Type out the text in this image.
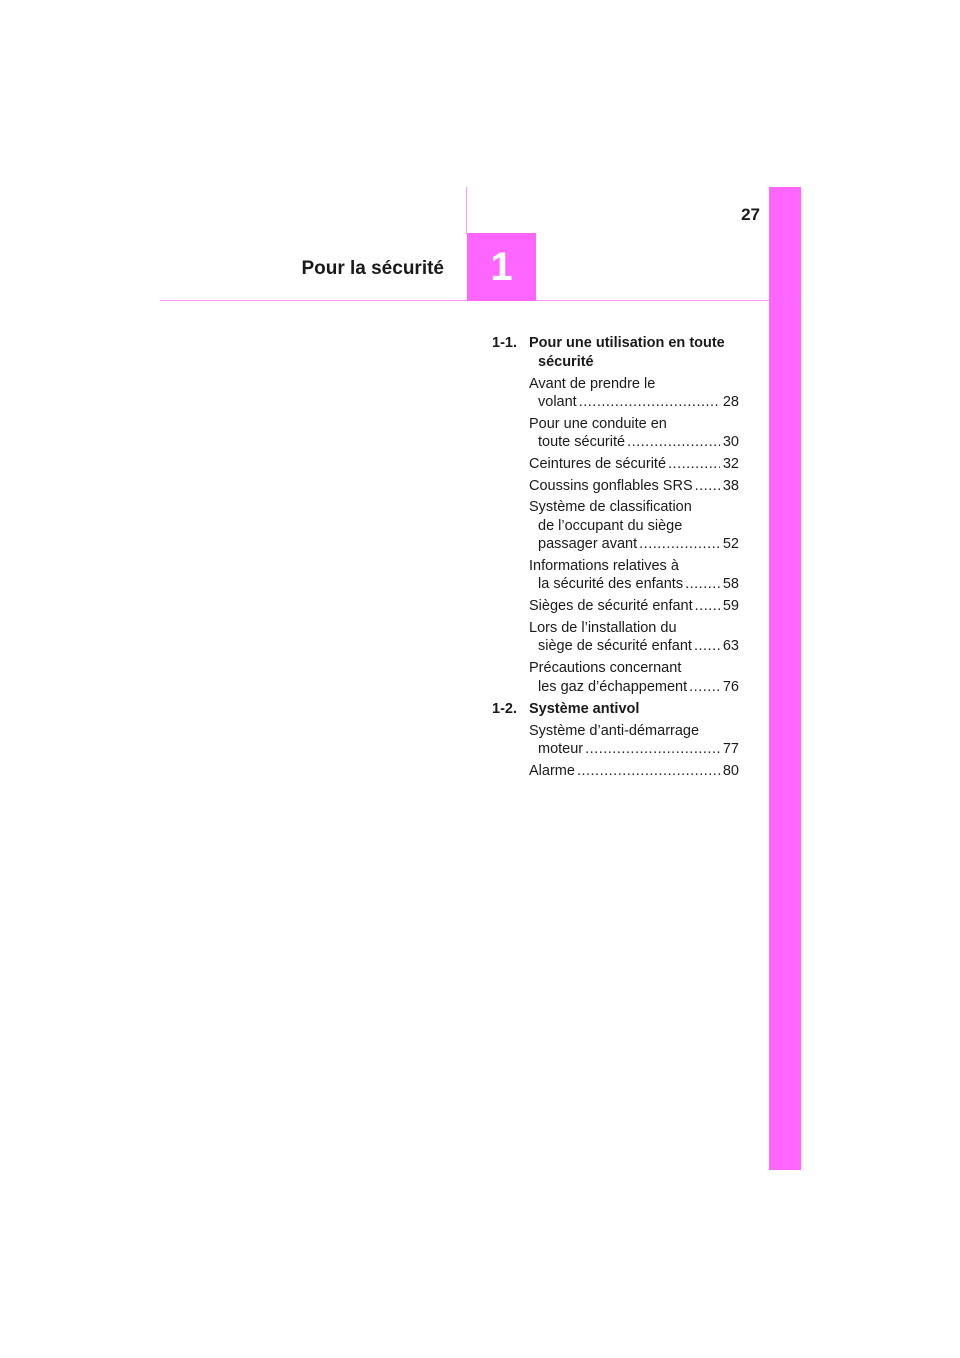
27
Pour la sécurité	1
1-1. Pour une utilisation en toute sécurité
Avant de prendre le
volant .....	28
Pour une conduite en
toute sécurité .....	30
Ceintures de sécurité .....	32
Coussins gonflables SRS ..... 38
Système de classification
de l’occupant du siège
passager avant .....	52
Informations relatives à
la sécurité des enfants .....	58
Sièges de sécurité enfant ..... 59
Lors de l’installation du
siège de sécurité enfant ..... 63
Précautions concernant
les gaz d’échappement ..... 76
1-2. Système antivol
Système d’anti-démarrage
moteur .....	77
Alarme .....	80
